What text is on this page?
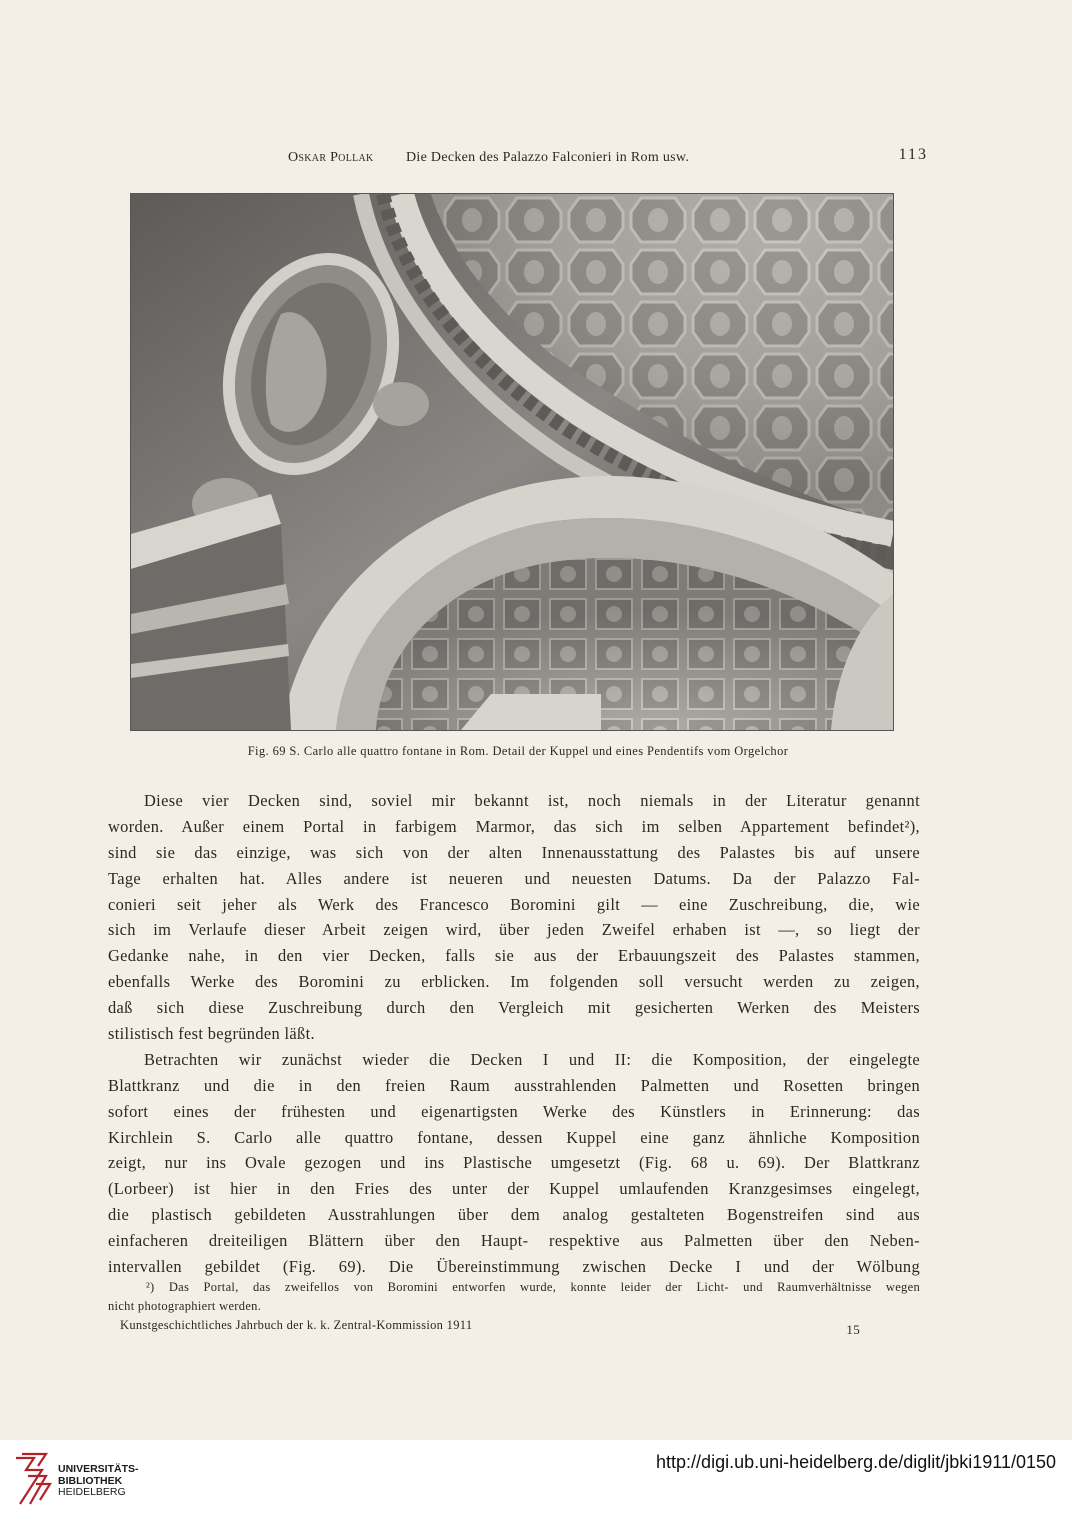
Oskar Pollak Die Decken des Palazzo Falconieri in Rom usw.	113
Fig. 69 S. Carlo alle quattro fontane in Rom. Detail der Kuppel und eines Pendentifs vom Orgelchor
Diese vier Decken sind, soviel mir bekannt ist, noch niemals in der Literatur genannt
worden. Außer einem Portal in farbigem Marmor, das sich im selben Appartement befindet²),
sind sie das einzige, was sich von der alten Innenausstattung des Palastes bis auf unsere
Tage erhalten hat. Alles andere ist neueren und neuesten Datums. Da der Palazzo Fal-
conieri seit jeher als Werk des Francesco Boromini gilt — eine Zuschreibung, die, wie
sich im Verlaufe dieser Arbeit zeigen wird, über jeden Zweifel erhaben ist —, so liegt der
Gedanke nahe, in den vier Decken, falls sie aus der Erbauungszeit des Palastes stammen,
ebenfalls Werke des Boromini zu erblicken. Im folgenden soll versucht werden zu zeigen,
daß sich diese Zuschreibung durch den Vergleich mit gesicherten Werken des Meisters
stilistisch fest begründen läßt.
Betrachten wir zunächst wieder die Decken I und II: die Komposition, der eingelegte
Blattkranz und die in den freien Raum ausstrahlenden Palmetten und Rosetten bringen
sofort eines der frühesten und eigenartigsten Werke des Künstlers in Erinnerung: das
Kirchlein S. Carlo alle quattro fontane, dessen Kuppel eine ganz ähnliche Komposition
zeigt, nur ins Ovale gezogen und ins Plastische umgesetzt (Fig. 68 u. 69). Der Blattkranz
(Lorbeer) ist hier in den Fries des unter der Kuppel umlaufenden Kranzgesimses eingelegt,
die plastisch gebildeten Ausstrahlungen über dem analog gestalteten Bogenstreifen sind aus
einfacheren dreiteiligen Blättern über den Haupt- respektive aus Palmetten über den Neben-
intervallen gebildet (Fig. 69). Die Übereinstimmung zwischen Decke I und der Wölbung
²) Das Portal, das zweifellos von Boromini entworfen wurde, konnte leider der Licht- und Raumverhältnisse wegen
nicht photographiert werden.
Kunstgeschichtliches Jahrbuch der k. k. Zentral-Kommission 1911	15
UNIVERSITÄTS-
BIBLIOTHEK
HEIDELBERG
http://digi.ub.uni-heidelberg.de/diglit/jbki1911/0150
